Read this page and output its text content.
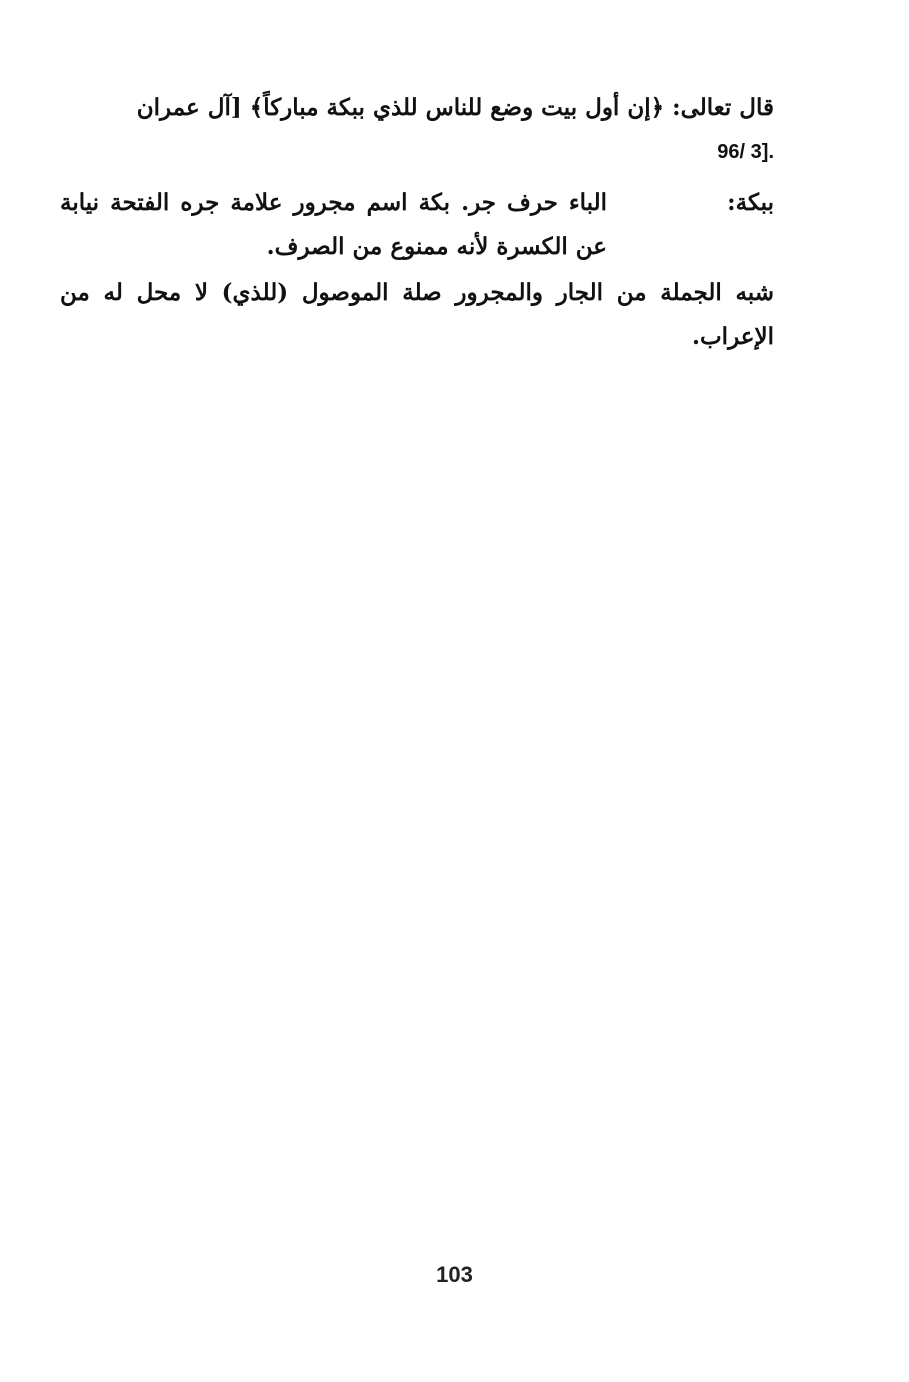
قال تعالى: ﴿إن أول بيت وضع للناس للذي ببكة مباركاً﴾ [آل عمران
96/ 3].
ببكة:
الباء حرف جر. بكة اسم مجرور علامة جره الفتحة نيابة عن الكسرة لأنه ممنوع من الصرف.
شبه الجملة من الجار والمجرور صلة الموصول (للذي) لا محل له من الإعراب.
103
